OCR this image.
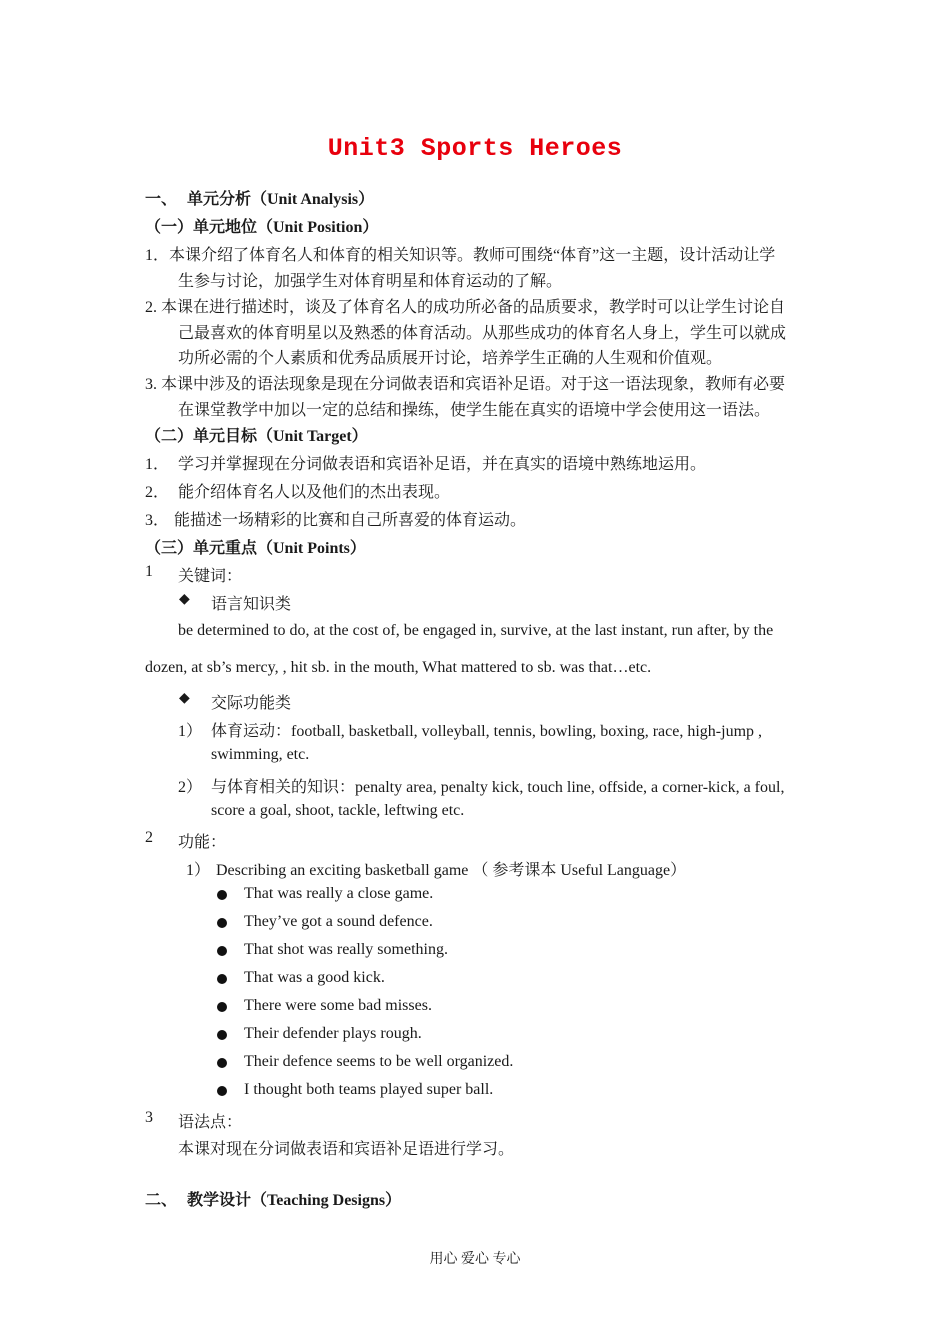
Unit3 Sports Heroes
一、 单元分析（Unit Analysis）
（一）单元地位（Unit Position）
1．本课介绍了体育名人和体育的相关知识等。教师可围绕“体育”这一主题，设计活动让学
生参与讨论，加强学生对体育明星和体育运动的了解。
2. 本课在进行描述时，谈及了体育名人的成功所必备的品质要求，教学时可以让学生讨论自
己最喜欢的体育明星以及熟悉的体育活动。从那些成功的体育名人身上，学生可以就成
功所必需的个人素质和优秀品质展开讨论，培养学生正确的人生观和价值观。
3. 本课中涉及的语法现象是现在分词做表语和宾语补足语。对于这一语法现象，教师有必要
在课堂教学中加以一定的总结和操练，使学生能在真实的语境中学会使用这一语法。
（二）单元目标（Unit Target）
1． 学习并掌握现在分词做表语和宾语补足语，并在真实的语境中熟练地运用。
2． 能介绍体育名人以及他们的杰出表现。
3． 能描述一场精彩的比赛和自己所喜爱的体育运动。
（三）单元重点（Unit Points）
1 关键词：
◆ 语言知识类
be determined to do, at the cost of, be engaged in, survive, at the last instant, run after, by the
dozen, at sb’s mercy, , hit sb. in the mouth, What mattered to sb. was that…etc.
◆ 交际功能类
1） 体育运动：football, basketball, volleyball, tennis, bowling, boxing, race, high-jump ,
swimming, etc.
2） 与体育相关的知识：penalty area, penalty kick, touch line, offside, a corner-kick, a foul,
score a goal, shoot, tackle, leftwing etc.
2 功能：
1） Describing an exciting basketball game （ 参考课本 Useful Language）
That was really a close game.
They’ve got a sound defence.
That shot was really something.
That was a good kick.
There were some bad misses.
Their defender plays rough.
Their defence seems to be well organized.
I thought both teams played super ball.
3 语法点：
本课对现在分词做表语和宾语补足语进行学习。
二、 教学设计（Teaching Designs）
用心 爱心 专心
